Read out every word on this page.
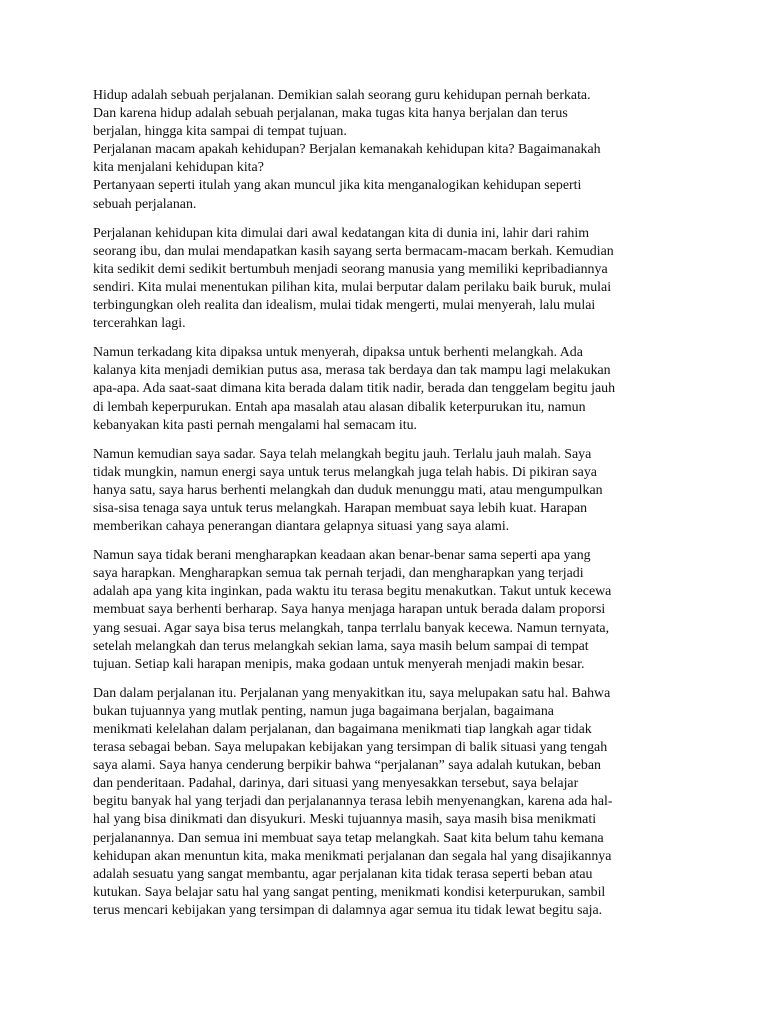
Hidup adalah sebuah perjalanan. Demikian salah seorang guru kehidupan pernah berkata.
Dan karena hidup adalah sebuah perjalanan, maka tugas kita hanya berjalan dan terus
berjalan, hingga kita sampai di tempat tujuan.
Perjalanan macam apakah kehidupan? Berjalan kemanakah kehidupan kita? Bagaimanakah
kita menjalani kehidupan kita?
Pertanyaan seperti itulah yang akan muncul jika kita menganalogikan kehidupan seperti
sebuah perjalanan.

Perjalanan kehidupan kita dimulai dari awal kedatangan kita di dunia ini, lahir dari rahim
seorang ibu, dan mulai mendapatkan kasih sayang serta bermacam-macam berkah. Kemudian
kita sedikit demi sedikit bertumbuh menjadi seorang manusia yang memiliki kepribadiannya
sendiri. Kita mulai menentukan pilihan kita, mulai berputar dalam perilaku baik buruk, mulai
terbingungkan oleh realita dan idealism, mulai tidak mengerti, mulai menyerah, lalu mulai
tercerahkan lagi.

Namun terkadang kita dipaksa untuk menyerah, dipaksa untuk berhenti melangkah. Ada
kalanya kita menjadi demikian putus asa, merasa tak berdaya dan tak mampu lagi melakukan
apa-apa. Ada saat-saat dimana kita berada dalam titik nadir, berada dan tenggelam begitu jauh
di lembah keperpurukan. Entah apa masalah atau alasan dibalik keterpurukan itu, namun
kebanyakan kita pasti pernah mengalami hal semacam itu.

Namun kemudian saya sadar. Saya telah melangkah begitu jauh. Terlalu jauh malah. Saya
tidak mungkin, namun energi saya untuk terus melangkah juga telah habis. Di pikiran saya
hanya satu, saya harus berhenti melangkah dan duduk menunggu mati, atau mengumpulkan
sisa-sisa tenaga saya untuk terus melangkah. Harapan membuat saya lebih kuat. Harapan
memberikan cahaya penerangan diantara gelapnya situasi yang saya alami.

Namun saya tidak berani mengharapkan keadaan akan benar-benar sama seperti apa yang
saya harapkan. Mengharapkan semua tak pernah terjadi, dan mengharapkan yang terjadi
adalah apa yang kita inginkan, pada waktu itu terasa begitu menakutkan. Takut untuk kecewa
membuat saya berhenti berharap. Saya hanya menjaga harapan untuk berada dalam proporsi
yang sesuai. Agar saya bisa terus melangkah, tanpa terrlalu banyak kecewa. Namun ternyata,
setelah melangkah dan terus melangkah sekian lama, saya masih belum sampai di tempat
tujuan. Setiap kali harapan menipis, maka godaan untuk menyerah menjadi makin besar.

Dan dalam perjalanan itu. Perjalanan yang menyakitkan itu, saya melupakan satu hal. Bahwa
bukan tujuannya yang mutlak penting, namun juga bagaimana berjalan, bagaimana
menikmati kelelahan dalam perjalanan, dan bagaimana menikmati tiap langkah agar tidak
terasa sebagai beban. Saya melupakan kebijakan yang tersimpan di balik situasi yang tengah
saya alami. Saya hanya cenderung berpikir bahwa “perjalanan” saya adalah kutukan, beban
dan penderitaan. Padahal, darinya, dari situasi yang menyesakkan tersebut, saya belajar
begitu banyak hal yang terjadi dan perjalanannya terasa lebih menyenangkan, karena ada hal-
hal yang bisa dinikmati dan disyukuri. Meski tujuannya masih, saya masih bisa menikmati
perjalanannya. Dan semua ini membuat saya tetap melangkah. Saat kita belum tahu kemana
kehidupan akan menuntun kita, maka menikmati perjalanan dan segala hal yang disajikannya
adalah sesuatu yang sangat membantu, agar perjalanan kita tidak terasa seperti beban atau
kutukan. Saya belajar satu hal yang sangat penting, menikmati kondisi keterpurukan, sambil
terus mencari kebijakan yang tersimpan di dalamnya agar semua itu tidak lewat begitu saja.
